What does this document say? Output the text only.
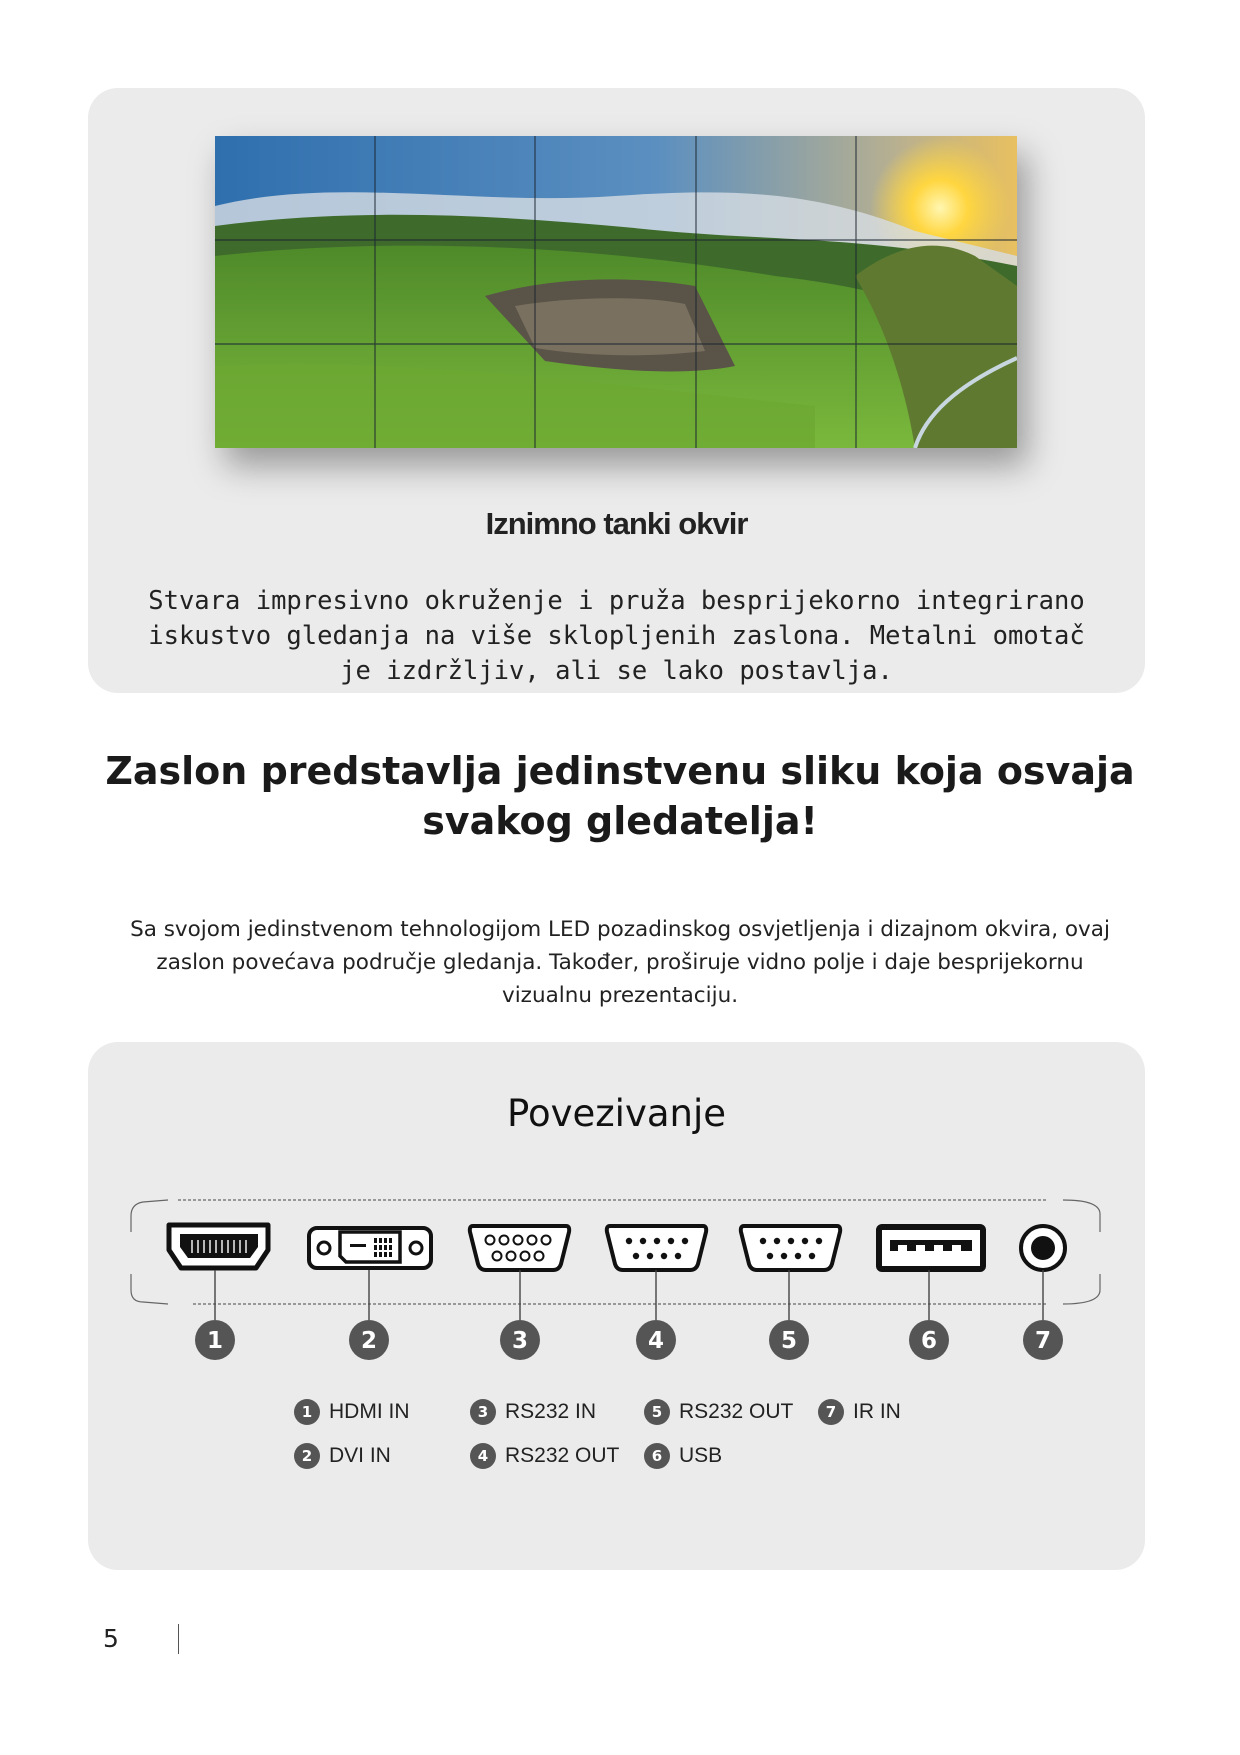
Iznimno tanki okvir
Stvara impresivno okruženje i pruža besprijekorno integrirano iskustvo gledanja na više sklopljenih zaslona. Metalni omotač je izdržljiv, ali se lako postavlja.
Zaslon predstavlja jedinstvenu sliku koja osvaja svakog gledatelja!
Sa svojom jedinstvenom tehnologijom LED pozadinskog osvjetljenja i dizajnom okvira, ovaj zaslon povećava područje gledanja. Također, proširuje vidno polje i daje besprijekornu vizualnu prezentaciju.
Povezivanje
1	2	3	4	5	6	7
1 HDMI IN
2 DVI IN
3 RS232 IN
4 RS232 OUT
5 RS232 OUT
6 USB
7 IR IN
5
